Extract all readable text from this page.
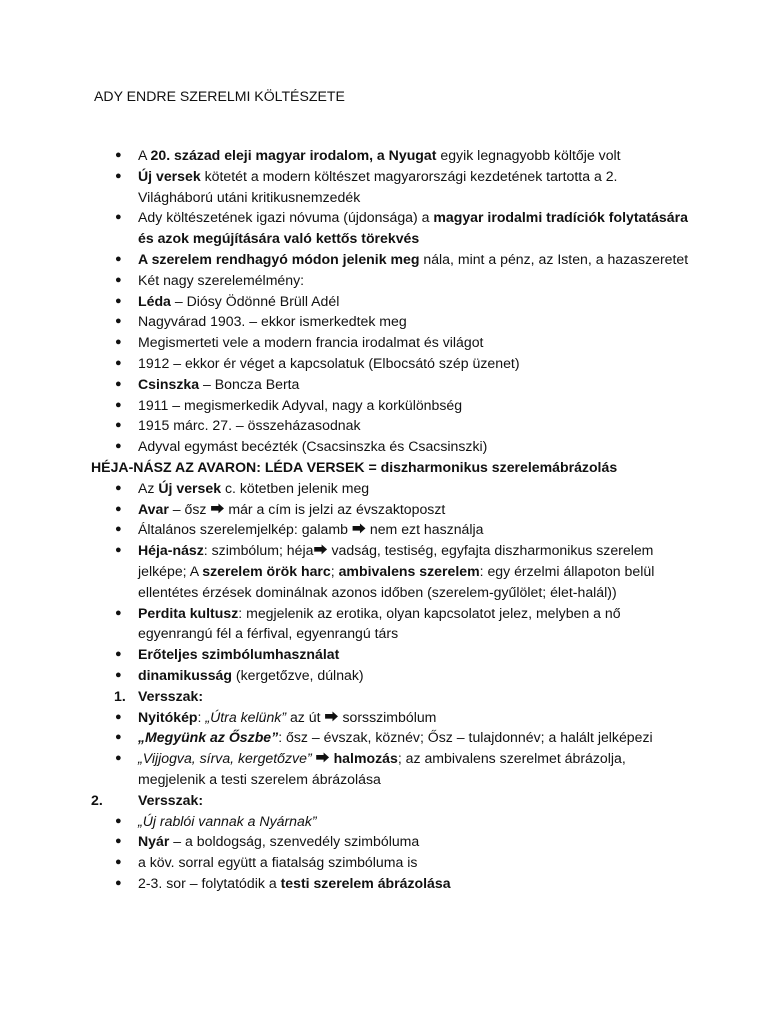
ADY ENDRE SZERELMI KÖLTÉSZETE
● A 20. század eleji magyar irodalom, a Nyugat egyik legnagyobb költője volt
● Új versek kötetét a modern költészet magyarországi kezdetének tartotta a 2. Világháború utáni kritikusnemzedék
● Ady költészetének igazi nóvuma (újdonsága) a magyar irodalmi tradíciók folytatására és azok megújítására való kettős törekvés
● A szerelem rendhagyó módon jelenik meg nála, mint a pénz, az Isten, a hazaszeretet
● Két nagy szerelemélmény:
● Léda – Diósy Ödönné Brüll Adél
● Nagyvárad 1903. – ekkor ismerkedtek meg
● Megismerteti vele a modern francia irodalmat és világot
● 1912 – ekkor ér véget a kapcsolatuk (Elbocsátó szép üzenet)
● Csinszka – Boncza Berta
● 1911 – megismerkedik Adyval, nagy a korkülönbség
● 1915 márc. 27. – összeházasodnak
● Adyval egymást becézték (Csacsinszka és Csacsinszki)
HÉJA-NÁSZ AZ AVARON: LÉDA VERSEK = diszharmonikus szerelemábrázolás
● Az Új versek c. kötetben jelenik meg
● Avar – ősz ⮕ már a cím is jelzi az évszaktoposzt
● Általános szerelemjelkép: galamb ⮕ nem ezt használja
● Héja-nász: szimbólum; héja⮕ vadság, testiség, egyfajta diszharmonikus szerelem jelképe; A szerelem örök harc; ambivalens szerelem: egy érzelmi állapoton belül ellentétes érzések dominálnak azonos időben (szerelem-gyűlölet; élet-halál))
● Perdita kultusz: megjelenik az erotika, olyan kapcsolatot jelez, melyben a nő egyenrangú fél a férfival, egyenrangú társ
● Erőteljes szimbólumhasználat
● dinamikusság (kergetőzve, dúlnak)
1. Versszak:
● Nyitókép: „Útra kelünk” az út ⮕ sorsszimbólum
● „Megyünk az Őszbe”: ősz – évszak, köznév; Ősz – tulajdonnév; a halált jelképezi
● „Vijjogva, sírva, kergetőzve” ⮕ halmozás; az ambivalens szerelmet ábrázolja, megjelenik a testi szerelem ábrázolása
2. Versszak:
● „Új rablói vannak a Nyárnak”
● Nyár – a boldogság, szenvedély szimbóluma
● a köv. sorral együtt a fiatalság szimbóluma is
● 2-3. sor – folytatódik a testi szerelem ábrázolása
